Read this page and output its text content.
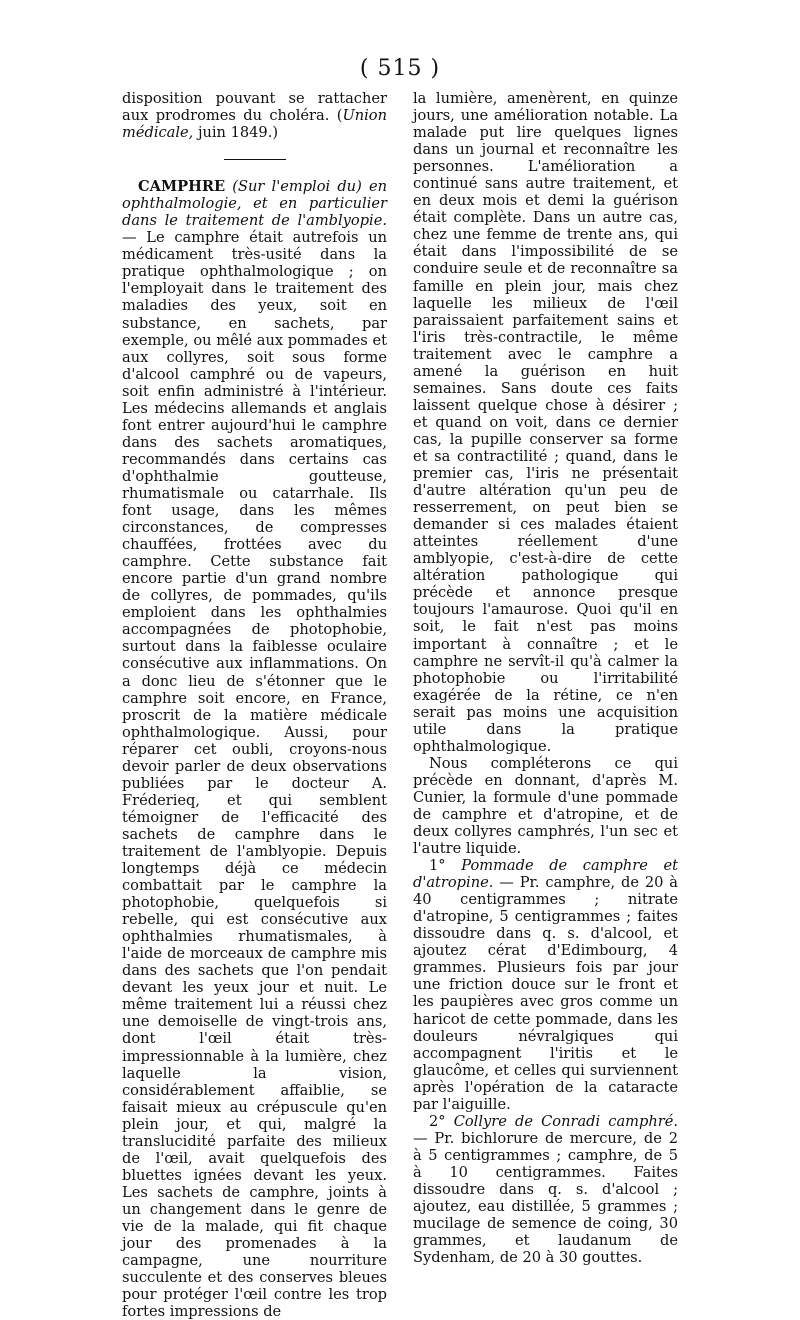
( 515 )

disposition pouvant se rattacher aux prodromes du choléra. (Union médicale, juin 1849.)

CAMPHRE (Sur l'emploi du) en ophthalmologie, et en particulier dans le traitement de l'amblyopie. — Le camphre était autrefois un médicament très-usité dans la pratique ophthalmologique ; on l'employait dans le traitement des maladies des yeux, soit en substance, en sachets, par exemple, ou mêlé aux pommades et aux collyres, soit sous forme d'alcool camphré ou de vapeurs, soit enfin administré à l'intérieur. Les médecins allemands et anglais font entrer aujourd'hui le camphre dans des sachets aromatiques, recommandés dans certains cas d'ophthalmie goutteuse, rhumatismale ou catarrhale. Ils font usage, dans les mêmes circonstances, de compresses chauffées, frottées avec du camphre. Cette substance fait encore partie d'un grand nombre de collyres, de pommades, qu'ils emploient dans les ophthalmies accompagnées de photophobie, surtout dans la faiblesse oculaire consécutive aux inflammations. On a donc lieu de s'étonner que le camphre soit encore, en France, proscrit de la matière médicale ophthalmologique. Aussi, pour réparer cet oubli, croyons-nous devoir parler de deux observations publiées par le docteur A. Fréderieq, et qui semblent témoigner de l'efficacité des sachets de camphre dans le traitement de l'amblyopie. Depuis longtemps déjà ce médecin combattait par le camphre la photophobie, quelquefois si rebelle, qui est consécutive aux ophthalmies rhumatismales, à l'aide de morceaux de camphre mis dans des sachets que l'on pendait devant les yeux jour et nuit. Le même traitement lui a réussi chez une demoiselle de vingt-trois ans, dont l'œil était très-impressionnable à la lumière, chez laquelle la vision, considérablement affaiblie, se faisait mieux au crépuscule qu'en plein jour, et qui, malgré la translucidité parfaite des milieux de l'œil, avait quelquefois des bluettes ignées devant les yeux. Les sachets de camphre, joints à un changement dans le genre de vie de la malade, qui fit chaque jour des promenades à la campagne, une nourriture succulente et des conserves bleues pour protéger l'œil contre les trop fortes impressions de

la lumière, amenèrent, en quinze jours, une amélioration notable. La malade put lire quelques lignes dans un journal et reconnaître les personnes. L'amélioration a continué sans autre traitement, et en deux mois et demi la guérison était complète. Dans un autre cas, chez une femme de trente ans, qui était dans l'impossibilité de se conduire seule et de reconnaître sa famille en plein jour, mais chez laquelle les milieux de l'œil paraissaient parfaitement sains et l'iris très-contractile, le même traitement avec le camphre a amené la guérison en huit semaines. Sans doute ces faits laissent quelque chose à désirer ; et quand on voit, dans ce dernier cas, la pupille conserver sa forme et sa contractilité ; quand, dans le premier cas, l'iris ne présentait d'autre altération qu'un peu de resserrement, on peut bien se demander si ces malades étaient atteintes réellement d'une amblyopie, c'est-à-dire de cette altération pathologique qui précède et annonce presque toujours l'amaurose. Quoi qu'il en soit, le fait n'est pas moins important à connaître ; et le camphre ne servît-il qu'à calmer la photophobie ou l'irritabilité exagérée de la rétine, ce n'en serait pas moins une acquisition utile dans la pratique ophthalmologique.

Nous compléterons ce qui précède en donnant, d'après M. Cunier, la formule d'une pommade de camphre et d'atropine, et de deux collyres camphrés, l'un sec et l'autre liquide.

1° Pommade de camphre et d'atropine. — Pr. camphre, de 20 à 40 centigrammes ; nitrate d'atropine, 5 centigrammes ; faites dissoudre dans q. s. d'alcool, et ajoutez cérat d'Edimbourg, 4 grammes. Plusieurs fois par jour une friction douce sur le front et les paupières avec gros comme un haricot de cette pommade, dans les douleurs névralgiques qui accompagnent l'iritis et le glaucôme, et celles qui surviennent après l'opération de la cataracte par l'aiguille.

2° Collyre de Conradi camphré. — Pr. bichlorure de mercure, de 2 à 5 centigrammes ; camphre, de 5 à 10 centigrammes. Faites dissoudre dans q. s. d'alcool ; ajoutez, eau distillée, 5 grammes ; mucilage de semence de coing, 30 grammes, et laudanum de Sydenham, de 20 à 30 gouttes.
